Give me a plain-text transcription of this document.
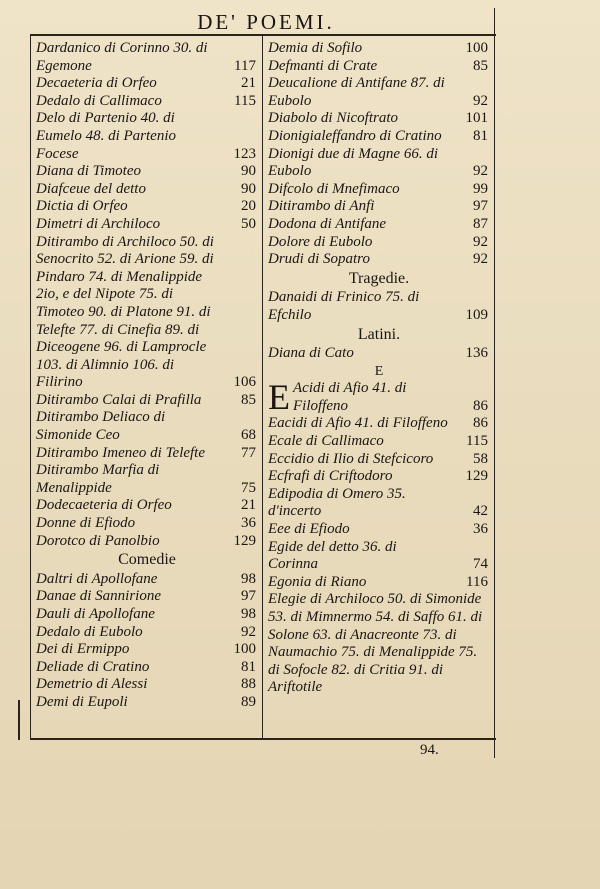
DE' POEMI.
Dardanico di Corinno 30. di Egemone	117
Decaeteria di Orfeo	21
Dedalo di Callimaco	115
Delo di Partenio 40. di Eumelo 48. di Partenio Focese	123
Diana di Timoteo	90
Diafceue del detto	90
Dictia di Orfeo	20
Dimetri di Archiloco	50
Ditirambo di Archiloco 50. di Senocrito 52. di Arione 59. di Pindaro 74. di Menalippide 2io, e del Nipote 75. di Timoteo 90. di Platone 91. di Telefte 77. di Cinefia 89. di Diceogene 96. di Lamprocle 103. di Alimnio 106. di Filirino	106
Ditirambo Calai di Prafilla	85
Ditirambo Deliaco di Simonide Ceo	68
Ditirambo Imeneo di Telefte	77
Ditirambo Marfia di Menalippide	75
Dodecaeteria di Orfeo	21
Donne di Efiodo	36
Dorotco di Panolbio	129
Comedie
Daltri di Apollofane	98
Danae di Sannirione	97
Dauli di Apollofane	98
Dedalo di Eubolo	92
Dei di Ermippo	100
Deliade di Cratino	81
Demetrio di Alessi	88
Demi di Eupoli	89
Demia di Sofilo	100
Defmanti di Crate	85
Deucalione di Antifane 87. di Eubolo	92
Diabolo di Nicoftrato	101
Dionigialeffandro di Cratino	81
Dionigi due di Magne 66. di Eubolo	92
Difcolo di Mnefimaco	99
Ditirambo di Anfi	97
Dodona di Antifane	87
Dolore di Eubolo	92
Drudi di Sopatro	92
Tragedie.
Danaidi di Frinico 75. di Efchilo	109
Latini.
Diana di Cato	136
E
E Acidi di Afio 41. di Filoffeno	86
Eacidi di Afio 41. di Filoffeno	86
Ecale di Callimaco	115
Eccidio di Ilio di Stefcicoro	58
Ecfrafi di Criftodoro	129
Edipodia di Omero 35. d'incerto	42
Eee di Efiodo	36
Egide del detto 36. di Corinna	74
Egonia di Riano	116
Elegie di Archiloco 50. di Simonide 53. di Mimnermo 54. di Saffo 61. di Solone 63. di Anacreonte 73. di Naumachio 75. di Menalippide 75. di Sofocle 82. di Critia 91. di Ariftotile
94.
